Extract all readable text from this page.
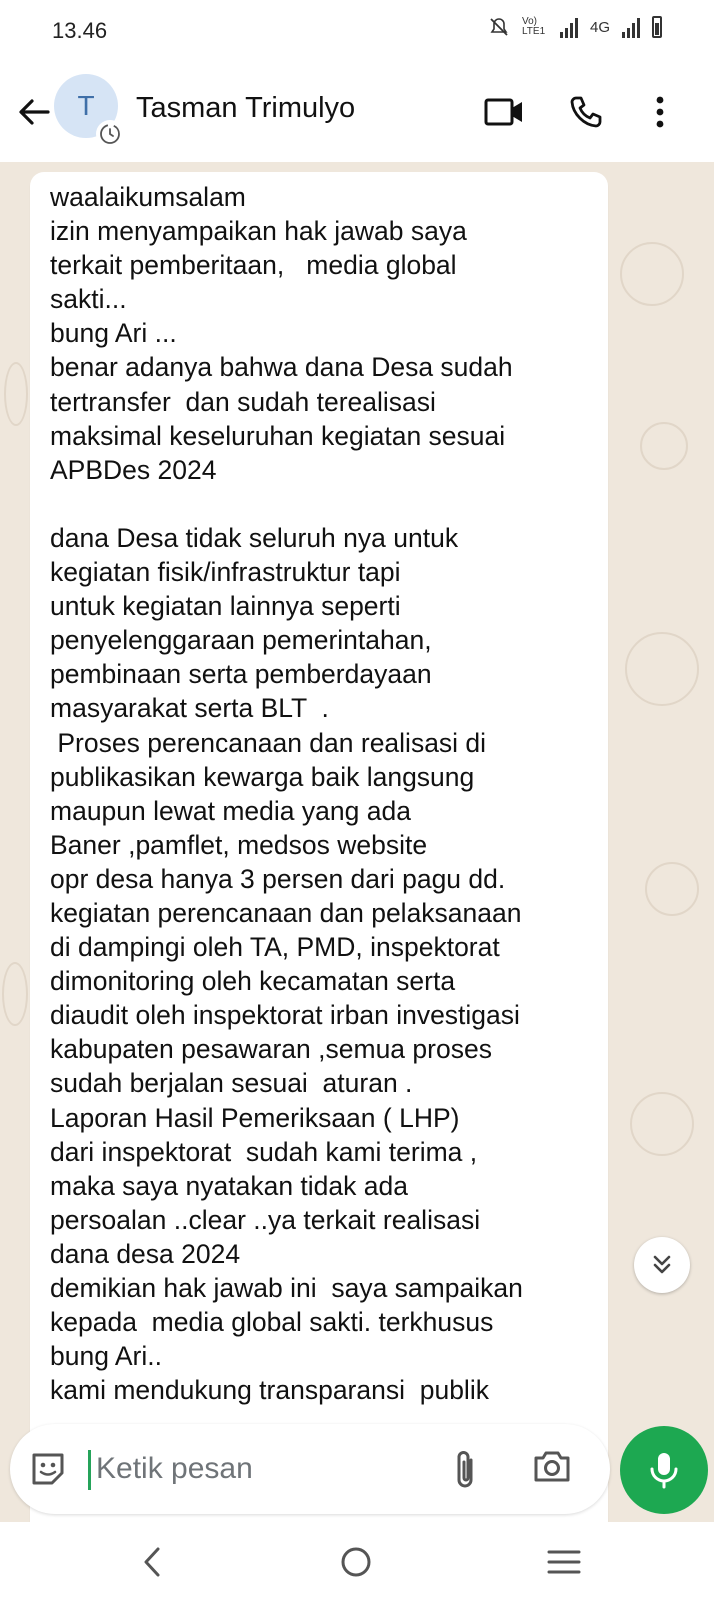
13.46	Vo) LTE1	4G
T	Tasman Trimulyo
waalaikumsalam
izin menyampaikan hak jawab saya
terkait pemberitaan,   media global
sakti...
bung Ari ...
benar adanya bahwa dana Desa sudah
tertransfer  dan sudah terealisasi
maksimal keseluruhan kegiatan sesuai
APBDes 2024

dana Desa tidak seluruh nya untuk
kegiatan fisik/infrastruktur tapi
untuk kegiatan lainnya seperti
penyelenggaraan pemerintahan,
pembinaan serta pemberdayaan
masyarakat serta BLT  .
Proses perencanaan dan realisasi di
publikasikan kewarga baik langsung
maupun lewat media yang ada
Baner ,pamflet, medsos website
opr desa hanya 3 persen dari pagu dd.
kegiatan perencanaan dan pelaksanaan
di dampingi oleh TA, PMD, inspektorat
dimonitoring oleh kecamatan serta
diaudit oleh inspektorat irban investigasi
kabupaten pesawaran ,semua proses
sudah berjalan sesuai  aturan .
Laporan Hasil Pemeriksaan ( LHP)
dari inspektorat  sudah kami terima ,
maka saya nyatakan tidak ada
persoalan ..clear ..ya terkait realisasi
dana desa 2024
demikian hak jawab ini  saya sampaikan
kepada  media global sakti. terkhusus
bung Ari..
kami mendukung transparansi  publik
Ketik pesan
